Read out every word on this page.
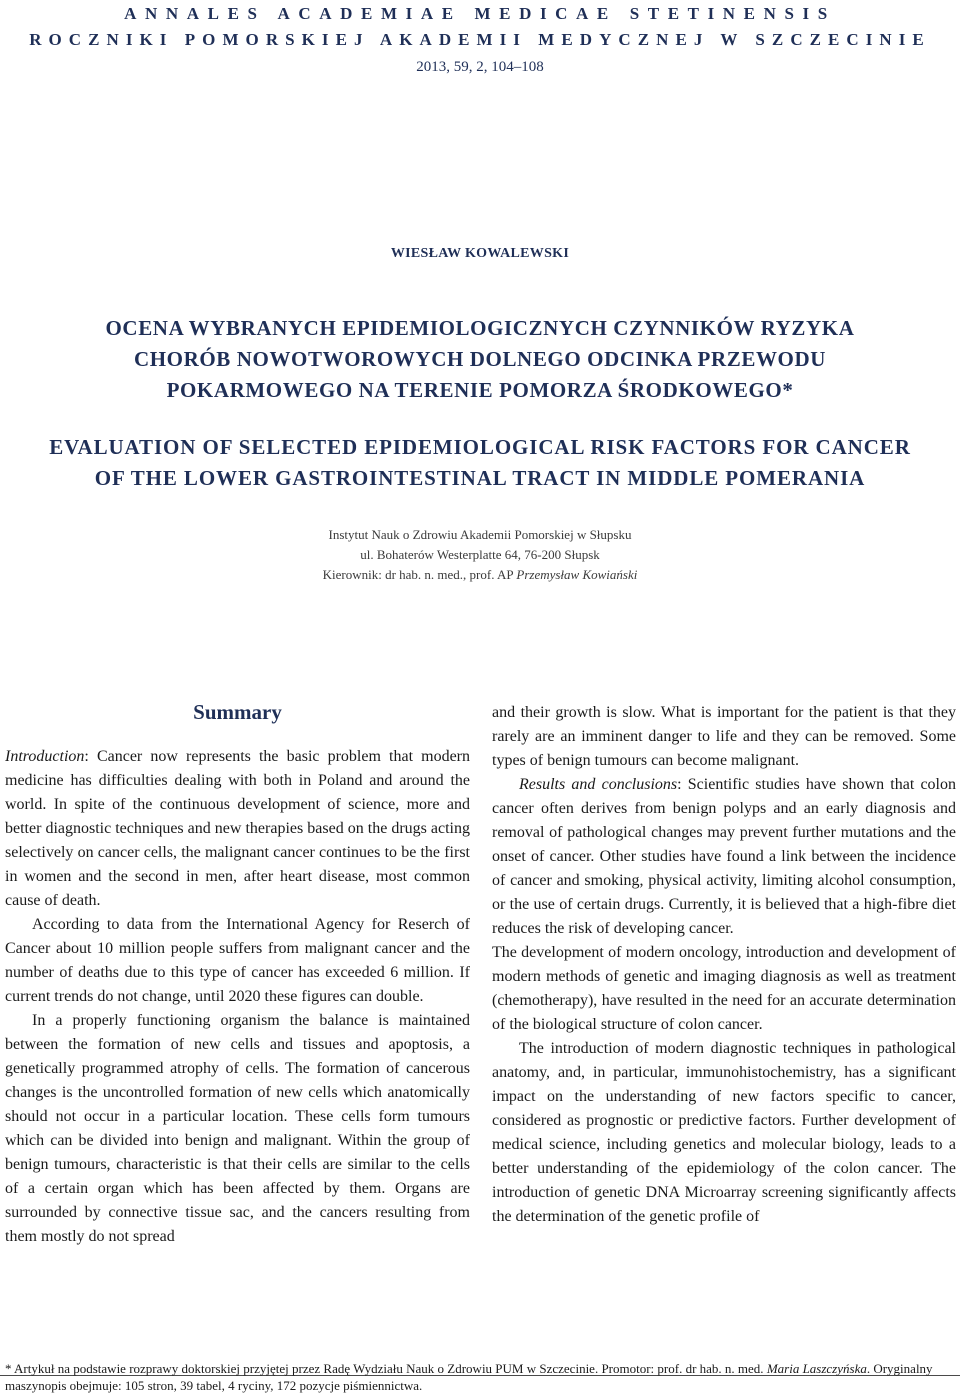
ANNALES ACADEMIAE MEDICAE STETINENSIS
ROCZNIKI POMORSKIEJ AKADEMII MEDYCZNEJ W SZCZECINIE
2013, 59, 2, 104–108
WIESŁAW KOWALEWSKI
OCENA WYBRANYCH EPIDEMIOLOGICZNYCH CZYNNIKÓW RYZYKA
CHORÓB NOWOTWOROWYCH DOLNEGO ODCINKA PRZEWODU
POKARMOWEGO NA TERENIE POMORZA ŚRODKOWEGO*
EVALUATION OF SELECTED EPIDEMIOLOGICAL RISK FACTORS FOR CANCER
OF THE LOWER GASTROINTESTINAL TRACT IN MIDDLE POMERANIA
Instytut Nauk o Zdrowiu Akademii Pomorskiej w Słupsku
ul. Bohaterów Westerplatte 64, 76-200 Słupsk
Kierownik: dr hab. n. med., prof. AP Przemysław Kowiański
Summary

Introduction: Cancer now represents the basic problem that modern medicine has difficulties dealing with both in Poland and around the world. In spite of the continuous development of science, more and better diagnostic techniques and new therapies based on the drugs acting selectively on cancer cells, the malignant cancer continues to be the first in women and the second in men, after heart disease, most common cause of death.

According to data from the International Agency for Reserch of Cancer about 10 million people suffers from malignant cancer and the number of deaths due to this type of cancer has exceeded 6 million. If current trends do not change, until 2020 these figures can double.

In a properly functioning organism the balance is maintained between the formation of new cells and tissues and apoptosis, a genetically programmed atrophy of cells. The formation of cancerous changes is the uncontrolled formation of new cells which anatomically should not occur in a particular location. These cells form tumours which can be divided into benign and malignant. Within the group of benign tumours, characteristic is that their cells are similar to the cells of a certain organ which has been affected by them. Organs are surrounded by connective tissue sac, and the cancers resulting from them mostly do not spread

and their growth is slow. What is important for the patient is that they rarely are an imminent danger to life and they can be removed. Some types of benign tumours can become malignant.

Results and conclusions: Scientific studies have shown that colon cancer often derives from benign polyps and an early diagnosis and removal of pathological changes may prevent further mutations and the onset of cancer. Other studies have found a link between the incidence of cancer and smoking, physical activity, limiting alcohol consumption, or the use of certain drugs. Currently, it is believed that a high-fibre diet reduces the risk of developing cancer.

The development of modern oncology, introduction and development of modern methods of genetic and imaging diagnosis as well as treatment (chemotherapy), have resulted in the need for an accurate determination of the biological structure of colon cancer.

The introduction of modern diagnostic techniques in pathological anatomy, and, in particular, immunohistochemistry, has a significant impact on the understanding of new factors specific to cancer, considered as prognostic or predictive factors. Further development of medical science, including genetics and molecular biology, leads to a better understanding of the epidemiology of the colon cancer. The introduction of genetic DNA Microarray screening significantly affects the determination of the genetic profile of

* Artykuł na podstawie rozprawy doktorskiej przyjętej przez Radę Wydziału Nauk o Zdrowiu PUM w Szczecinie. Promotor: prof. dr hab. n. med. Maria Laszczyńska. Oryginalny maszynopis obejmuje: 105 stron, 39 tabel, 4 ryciny, 172 pozycje piśmiennictwa.
